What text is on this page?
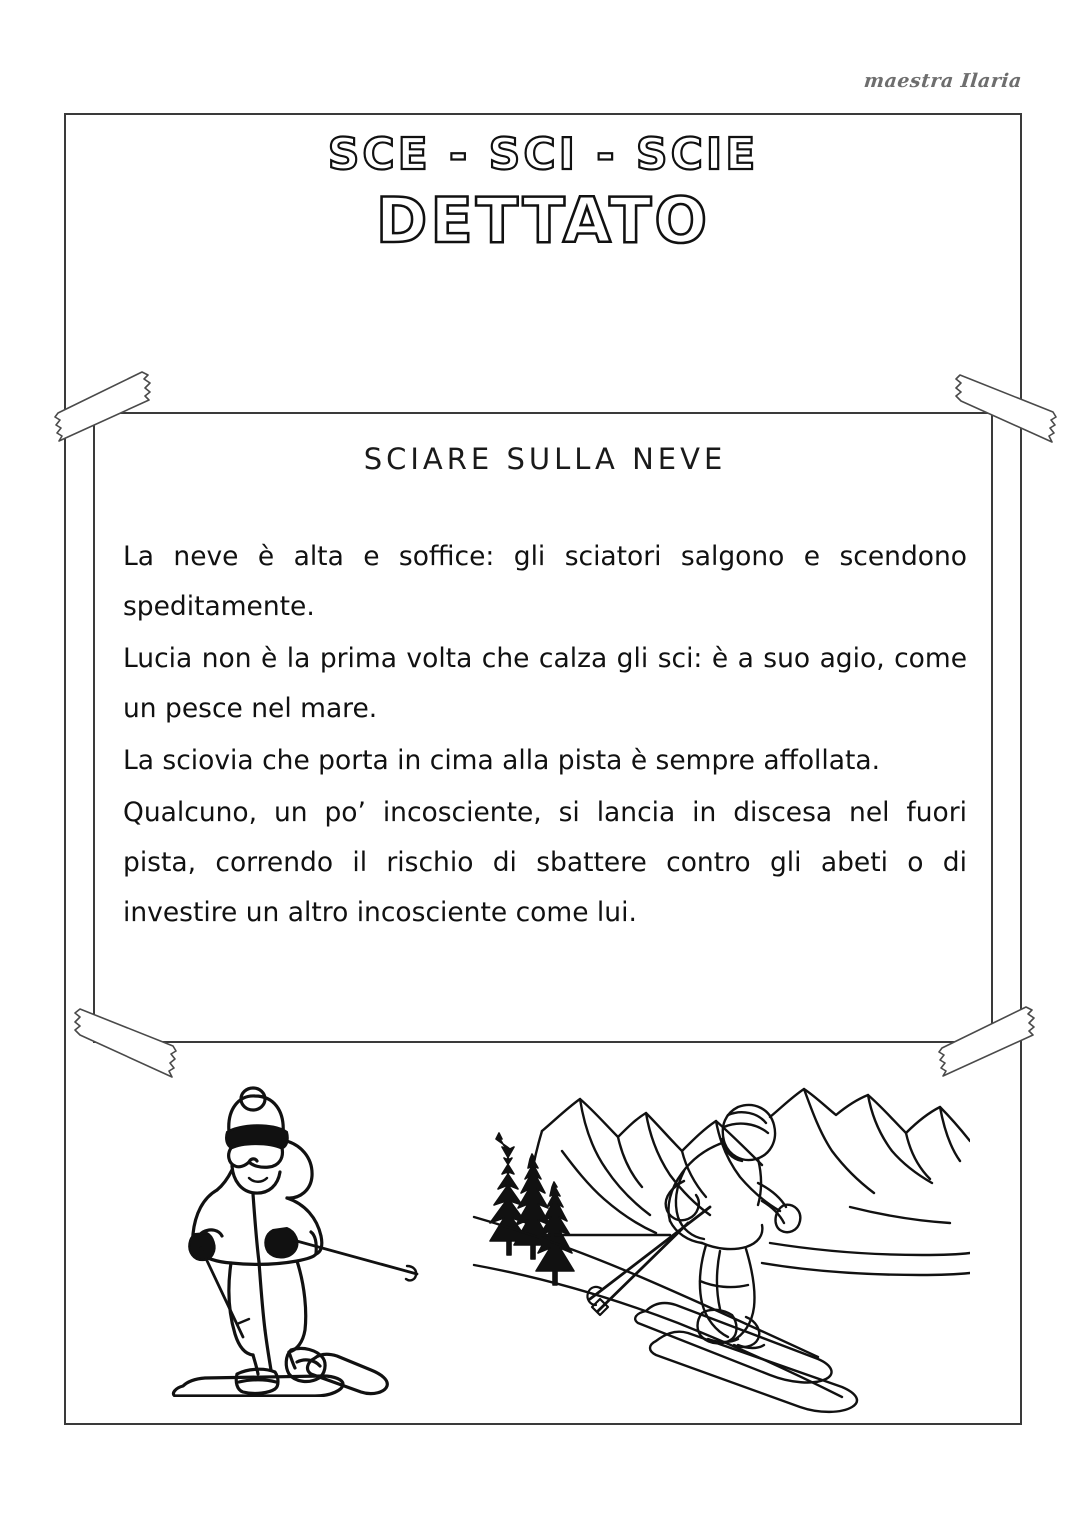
maestra Ilaria
SCE - SCI - SCIE
DETTATO
SCIARE SULLA NEVE

La neve è alta e soffice: gli sciatori salgono e scendono speditamente.

Lucia non è la prima volta che calza gli sci: è a suo agio, come un pesce nel mare.

La sciovia che porta in cima alla pista è sempre affollata.

Qualcuno, un po’ incosciente, si lancia in discesa nel fuori pista, correndo il rischio di sbattere contro gli abeti o di investire un altro incosciente come lui.
